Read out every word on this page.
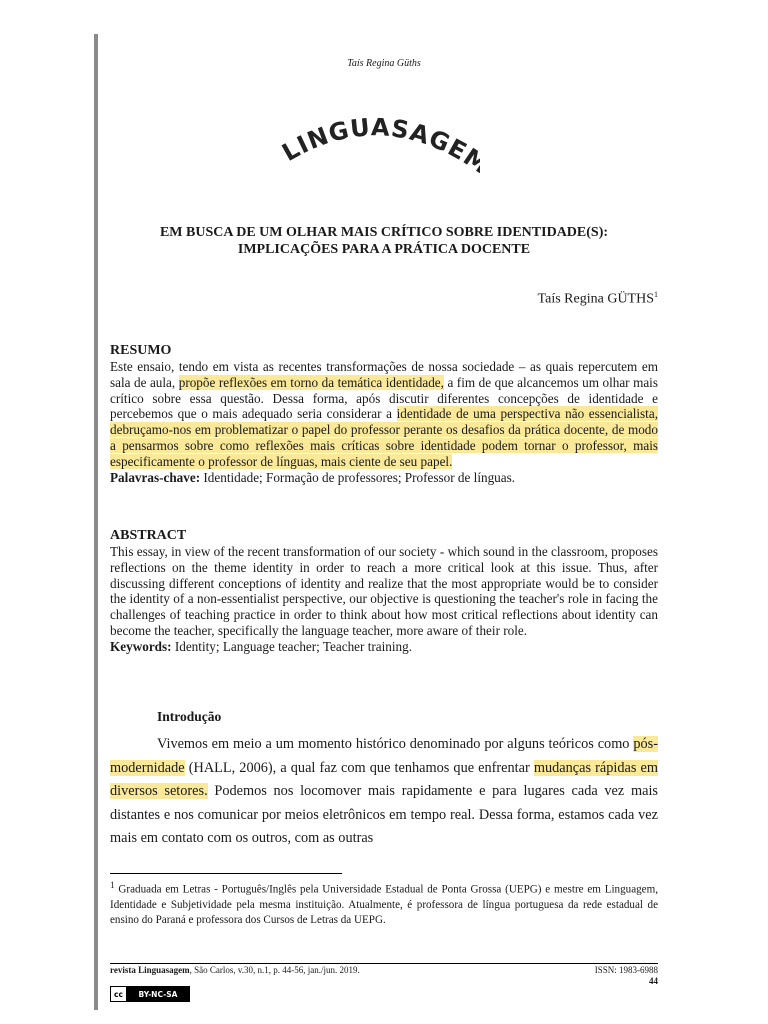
Taís Regina Güths
LINGUASAGE
EM BUSCA DE UM OLHAR MAIS CRÍTICO SOBRE IDENTIDADE(S):
IMPLICAÇÕES PARA A PRÁTICA DOCENTE
Taís Regina GÜTHS$^1$
RESUMO
Este ensaio, tendo em vista as recentes transformações de nossa sociedade – as quais repercutem em sala de aula, propõe reflexões em torno da temática identidade, a fim de que alcancemos um olhar mais crítico sobre essa questão. Dessa forma, após discutir diferentes concepções de identidade e percebemos que o mais adequado seria considerar a identidade de uma perspectiva não essencialista, debruçamo-nos em problematizar o papel do professor perante os desafios da prática docente, de modo a pensarmos sobre como reflexões mais críticas sobre identidade podem tornar o professor, mais especificamente o professor de línguas, mais ciente de seu papel.
Palavras-chave: Identidade; Formação de professores; Professor de línguas.
ABSTRACT
This essay, in view of the recent transformation of our society - which sound in the classroom, proposes reflections on the theme identity in order to reach a more critical look at this issue. Thus, after discussing different conceptions of identity and realize that the most appropriate would be to consider the identity of a non-essentialist perspective, our objective is questioning the teacher's role in facing the challenges of teaching practice in order to think about how most critical reflections about identity can become the teacher, specifically the language teacher, more aware of their role.
Keywords: Identity; Language teacher; Teacher training.
Introdução
Vivemos em meio a um momento histórico denominado por alguns teóricos como pós-modernidade (HALL, 2006), a qual faz com que tenhamos que enfrentar mudanças rápidas em diversos setores. Podemos nos locomover mais rapidamente e para lugares cada vez mais distantes e nos comunicar por meios eletrônicos em tempo real. Dessa forma, estamos cada vez mais em contato com os outros, com as outras
$^1$ Graduada em Letras - Português/Inglês pela Universidade Estadual de Ponta Grossa (UEPG) e mestre em Linguagem, Identidade e Subjetividade pela mesma instituição. Atualmente, é professora de língua portuguesa da rede estadual de ensino do Paraná e professora dos Cursos de Letras da UEPG.
revista Linguasagem, São Carlos, v.30, n.1, p. 44-56, jan./jun. 2019.	ISSN: 1983-6988
44
cc	BY-NC-SA
